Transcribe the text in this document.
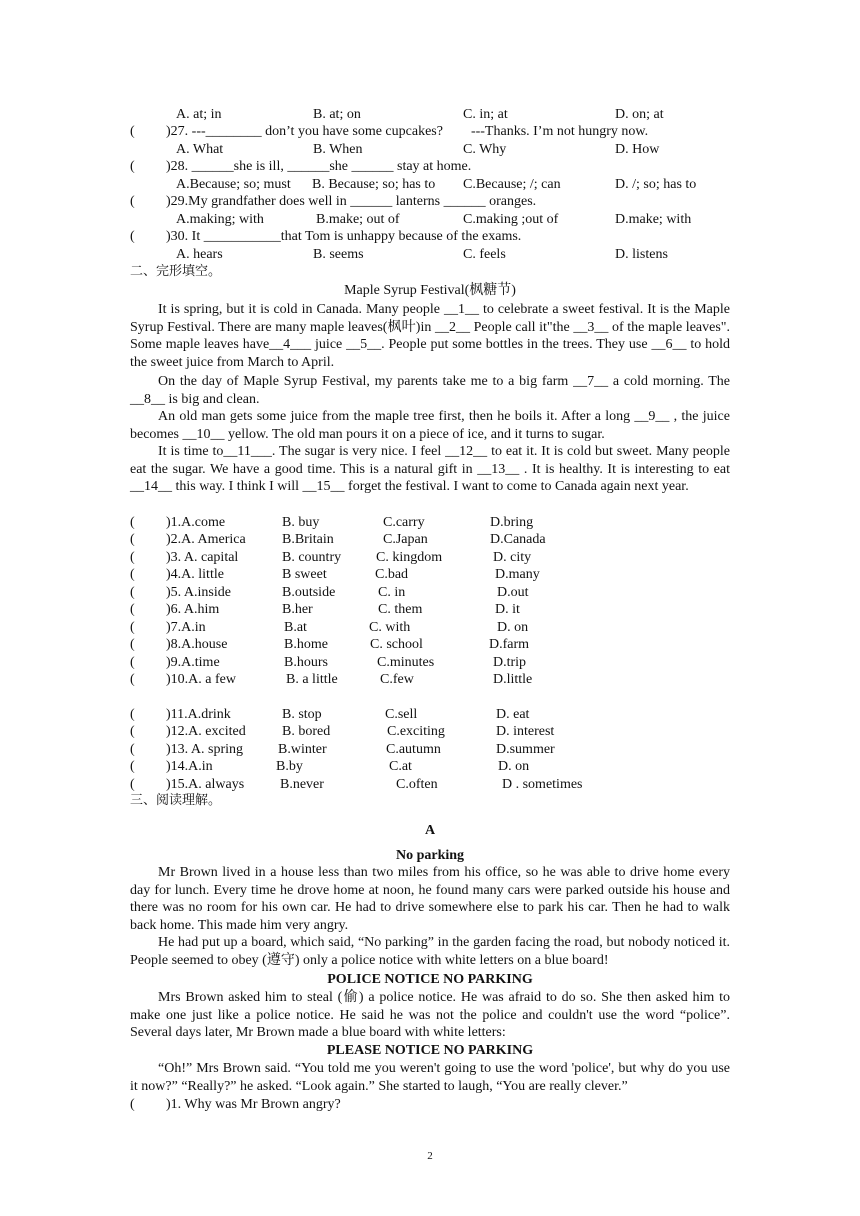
A. at; in	B. at; on	C. in; at	D. on; at
( )27. ---________ don’t you have some cupcakes?        ---Thanks. I’m not hungry now.
A. What	B. When	C. Why	D. How
( )28. ______she is ill, ______she ______ stay at home.
A.Because; so; must B. Because; so; has to C.Because; /; can	D. /; so; has to
( )29.My grandfather does well in ______ lanterns ______ oranges.
A.making; with	B.make; out of	C.making ;out of	D.make; with
( )30. It ___________that Tom is unhappy because of the exams.
A. hears	B. seems	C. feels	D. listens
二、完形填空。
Maple Syrup Festival(枫糖节)
It is spring, but it is cold in Canada. Many people __1__ to celebrate a sweet festival. It is the Maple Syrup Festival. There are many maple leaves(枫叶)in __2__ People call it"the __3__ of the maple leaves". Some maple leaves have__4___ juice __5__. People put some bottles in the trees. They use __6__ to hold the sweet juice from March to April.
On the day of Maple Syrup Festival, my parents take me to a big farm __7__ a cold morning. The __8__ is big and clean.
An old man gets some juice from the maple tree first, then he boils it. After a long __9__ , the juice becomes __10__ yellow. The old man pours it on a piece of ice, and it turns to sugar.
It is time to__11___. The sugar is very nice. I feel __12__ to eat it. It is cold but sweet. Many people eat the sugar. We have a good time. This is a natural gift in __13__ . It is healthy. It is interesting to eat __14__ this way. I think I will __15__ forget the festival. I want to come to Canada again next year.
( )1.A.come	B. buy	C.carry	D.bring
( )2.A. America	B.Britain	C.Japan	D.Canada
( )3. A. capital	B. country C. kingdom	D. city
( )4.A. little	B sweet	C.bad	D.many
( )5. A.inside	B.outside	C. in	D.out
( )6. A.him	B.her	C. them	D. it
( )7.A.in	B.at	C. with	D. on
( )8.A.house	B.home	C. school	D.farm
( )9.A.time	B.hours	C.minutes	D.trip
( )10.A. a few	B. a little	C.few	D.little
( )11.A.drink	B. stop	C.sell	D. eat
( )12.A. excited	B. bored	C.exciting	D. interest
( )13. A. spring	B.winter	C.autumn	D.summer
( )14.A.in	B.by	C.at	D. on
( )15.A. always	B.never	C.often	D . sometimes
三、阅读理解。
A
No parking
Mr Brown lived in a house less than two miles from his office, so he was able to drive home every day for lunch. Every time he drove home at noon, he found many cars were parked outside his house and there was no room for his own car. He had to drive somewhere else to park his car. Then he had to walk back home. This made him very angry.
He had put up a board, which said, “No parking” in the garden facing the road, but nobody noticed it. People seemed to obey (遵守) only a police notice with white letters on a blue board!
POLICE NOTICE NO PARKING
Mrs Brown asked him to steal (偷) a police notice. He was afraid to do so. She then asked him to make one just like a police notice. He said he was not the police and couldn't use the word “police”. Several days later, Mr Brown made a blue board with white letters:
PLEASE NOTICE NO PARKING
“Oh!” Mrs Brown said. “You told me you weren't going to use the word 'police', but why do you use it now?” “Really?” he asked. “Look again.” She started to laugh, “You are really clever.”
( )1. Why was Mr Brown angry?
2
